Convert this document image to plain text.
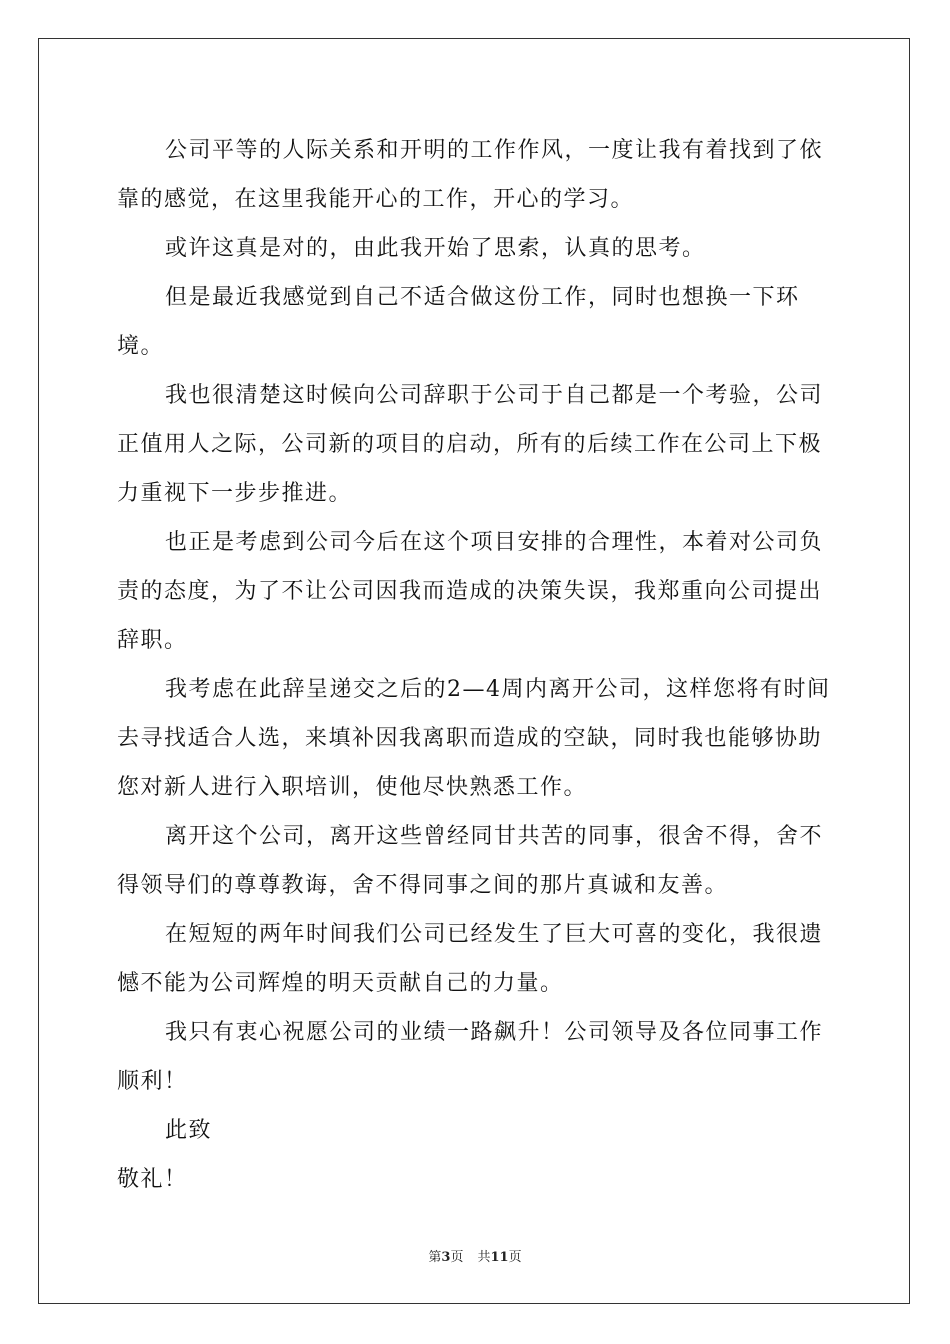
公司平等的人际关系和开明的工作作风，一度让我有着找到了依靠的感觉，在这里我能开心的工作，开心的学习。

或许这真是对的，由此我开始了思索，认真的思考。

但是最近我感觉到自己不适合做这份工作，同时也想换一下环境。

我也很清楚这时候向公司辞职于公司于自己都是一个考验，公司正值用人之际，公司新的项目的启动，所有的后续工作在公司上下极力重视下一步步推进。

也正是考虑到公司今后在这个项目安排的合理性，本着对公司负责的态度，为了不让公司因我而造成的决策失误，我郑重向公司提出辞职。

我考虑在此辞呈递交之后的2—4周内离开公司，这样您将有时间去寻找适合人选，来填补因我离职而造成的空缺，同时我也能够协助您对新人进行入职培训，使他尽快熟悉工作。

离开这个公司，离开这些曾经同甘共苦的同事，很舍不得，舍不得领导们的尊尊教诲，舍不得同事之间的那片真诚和友善。

在短短的两年时间我们公司已经发生了巨大可喜的变化，我很遗憾不能为公司辉煌的明天贡献自己的力量。

我只有衷心祝愿公司的业绩一路飙升！公司领导及各位同事工作顺利！

此致

敬礼！

第3页 共11页
